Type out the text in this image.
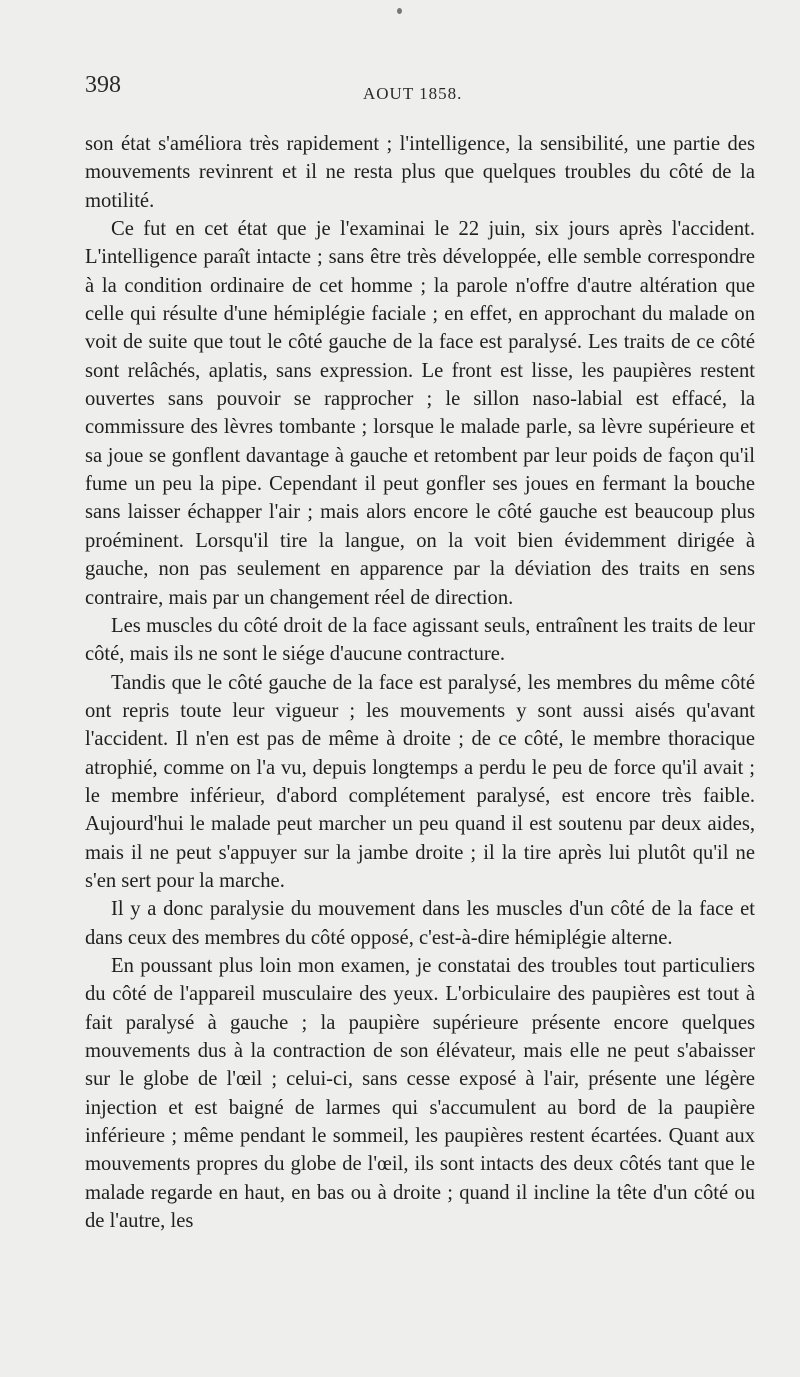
398	AOUT 1858.

son état s'améliora très rapidement ; l'intelligence, la sensibilité, une partie des mouvements revinrent et il ne resta plus que quelques troubles du côté de la motilité.

Ce fut en cet état que je l'examinai le 22 juin, six jours après l'accident. L'intelligence paraît intacte ; sans être très développée, elle semble correspondre à la condition ordinaire de cet homme ; la parole n'offre d'autre altération que celle qui résulte d'une hémiplégie faciale ; en effet, en approchant du malade on voit de suite que tout le côté gauche de la face est paralysé. Les traits de ce côté sont relâchés, aplatis, sans expression. Le front est lisse, les paupières restent ouvertes sans pouvoir se rapprocher ; le sillon naso-labial est effacé, la commissure des lèvres tombante ; lorsque le malade parle, sa lèvre supérieure et sa joue se gonflent davantage à gauche et retombent par leur poids de façon qu'il fume un peu la pipe. Cependant il peut gonfler ses joues en fermant la bouche sans laisser échapper l'air ; mais alors encore le côté gauche est beaucoup plus proéminent. Lorsqu'il tire la langue, on la voit bien évidemment dirigée à gauche, non pas seulement en apparence par la déviation des traits en sens contraire, mais par un changement réel de direction.

Les muscles du côté droit de la face agissant seuls, entraînent les traits de leur côté, mais ils ne sont le siége d'aucune contracture.

Tandis que le côté gauche de la face est paralysé, les membres du même côté ont repris toute leur vigueur ; les mouvements y sont aussi aisés qu'avant l'accident. Il n'en est pas de même à droite ; de ce côté, le membre thoracique atrophié, comme on l'a vu, depuis longtemps a perdu le peu de force qu'il avait ; le membre inférieur, d'abord complétement paralysé, est encore très faible. Aujourd'hui le malade peut marcher un peu quand il est soutenu par deux aides, mais il ne peut s'appuyer sur la jambe droite ; il la tire après lui plutôt qu'il ne s'en sert pour la marche.

Il y a donc paralysie du mouvement dans les muscles d'un côté de la face et dans ceux des membres du côté opposé, c'est-à-dire hémiplégie alterne.

En poussant plus loin mon examen, je constatai des troubles tout particuliers du côté de l'appareil musculaire des yeux. L'orbiculaire des paupières est tout à fait paralysé à gauche ; la paupière supérieure présente encore quelques mouvements dus à la contraction de son élévateur, mais elle ne peut s'abaisser sur le globe de l'œil ; celui-ci, sans cesse exposé à l'air, présente une légère injection et est baigné de larmes qui s'accumulent au bord de la paupière inférieure ; même pendant le sommeil, les paupières restent écartées. Quant aux mouvements propres du globe de l'œil, ils sont intacts des deux côtés tant que le malade regarde en haut, en bas ou à droite ; quand il incline la tête d'un côté ou de l'autre, les
